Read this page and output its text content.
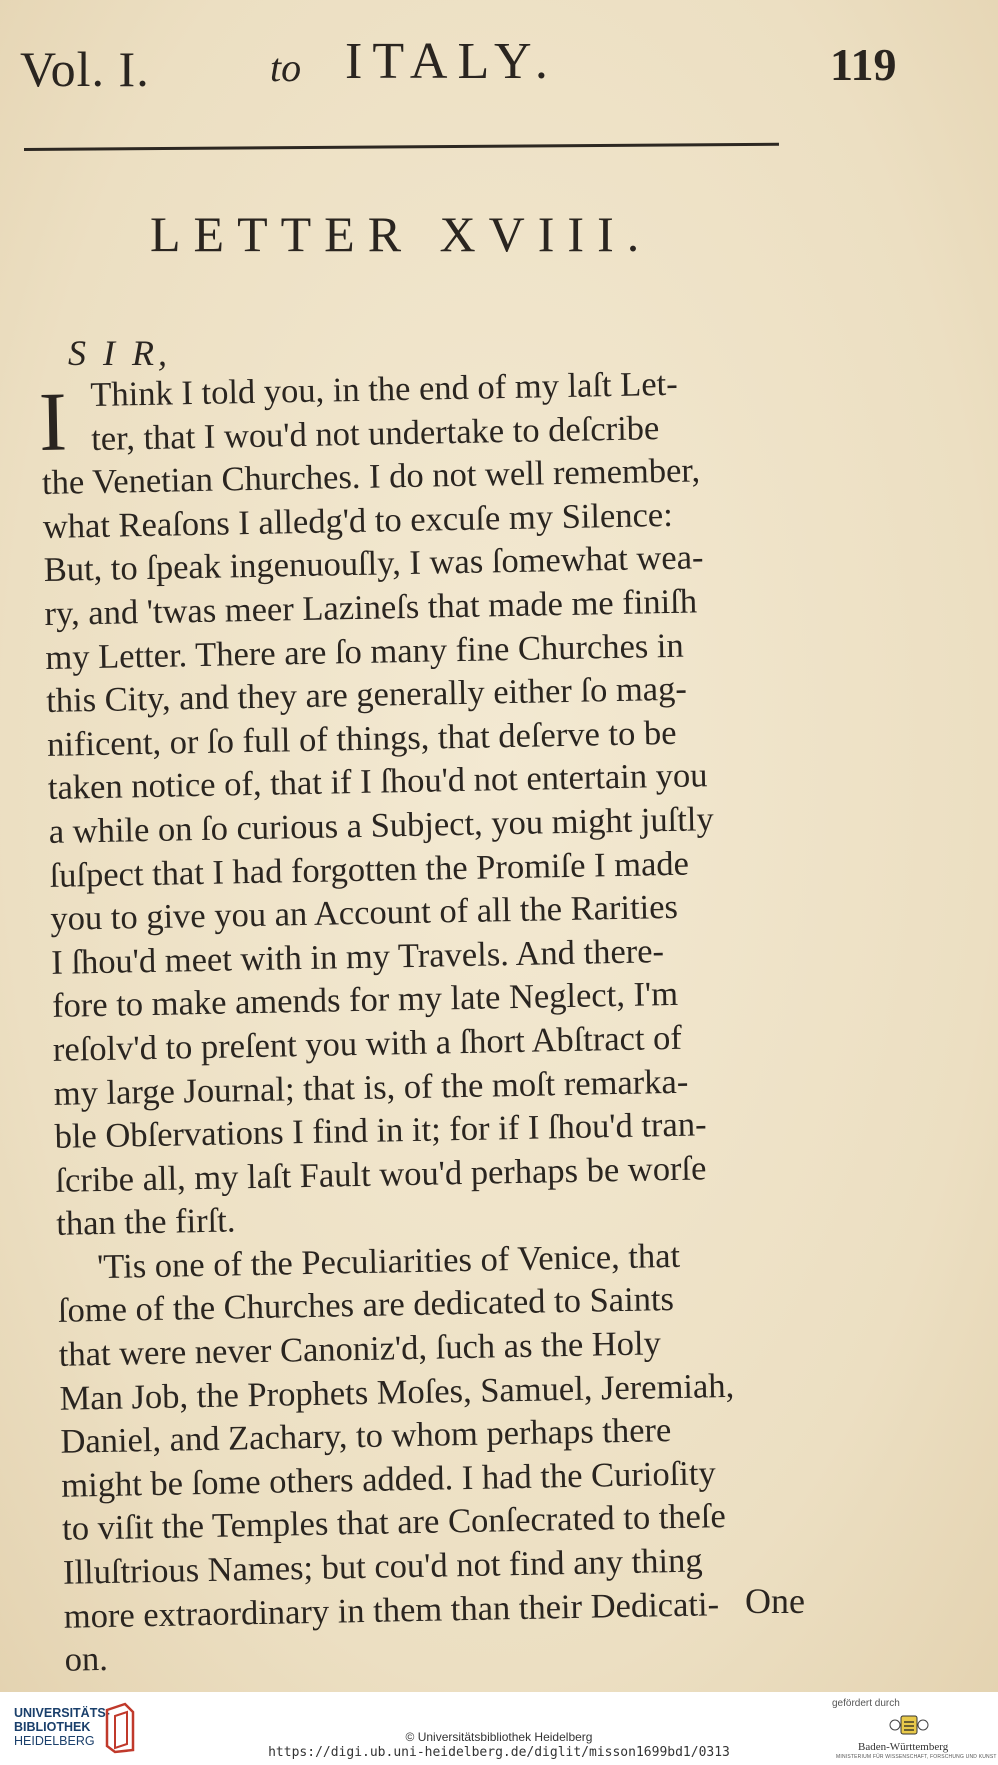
Vol. I.	to ITALY.	119
LETTER XVIII.
S I R,
I Think I told you, in the end of my laſt Let-
ter, that I wou'd not undertake to deſcribe
the Venetian Churches. I do not well remember,
what Reaſons I alledg'd to excuſe my Silence:
But, to ſpeak ingenuouſly, I was ſomewhat wea-
ry, and 'twas meer Lazineſs that made me finiſh
my Letter. There are ſo many fine Churches in
this City, and they are generally either ſo mag-
nificent, or ſo full of things, that deſerve to be
taken notice of, that if I ſhou'd not entertain you
a while on ſo curious a Subject, you might juſtly
ſuſpect that I had forgotten the Promiſe I made
you to give you an Account of all the Rarities
I ſhou'd meet with in my Travels. And there-
fore to make amends for my late Neglect, I'm
reſolv'd to preſent you with a ſhort Abſtract of
my large Journal; that is, of the moſt remarka-
ble Obſervations I find in it; for if I ſhou'd tran-
ſcribe all, my laſt Fault wou'd perhaps be worſe
than the firſt.
'Tis one of the Peculiarities of Venice, that
ſome of the Churches are dedicated to Saints
that were never Canoniz'd, ſuch as the Holy
Man Job, the Prophets Moſes, Samuel, Jeremiah,
Daniel, and Zachary, to whom perhaps there
might be ſome others added. I had the Curioſity
to viſit the Temples that are Conſecrated to theſe
Illuſtrious Names; but cou'd not find any thing
more extraordinary in them than their Dedicati-
on.
One
UNIVERSITÄTS-
BIBLIOTHEK
HEIDELBERG	© Universitätsbibliothek Heidelberg
https://digi.ub.uni-heidelberg.de/diglit/misson1699bd1/0313
gefördert durch
Baden-Württemberg
MINISTERIUM FÜR WISSENSCHAFT, FORSCHUNG UND KUNST
